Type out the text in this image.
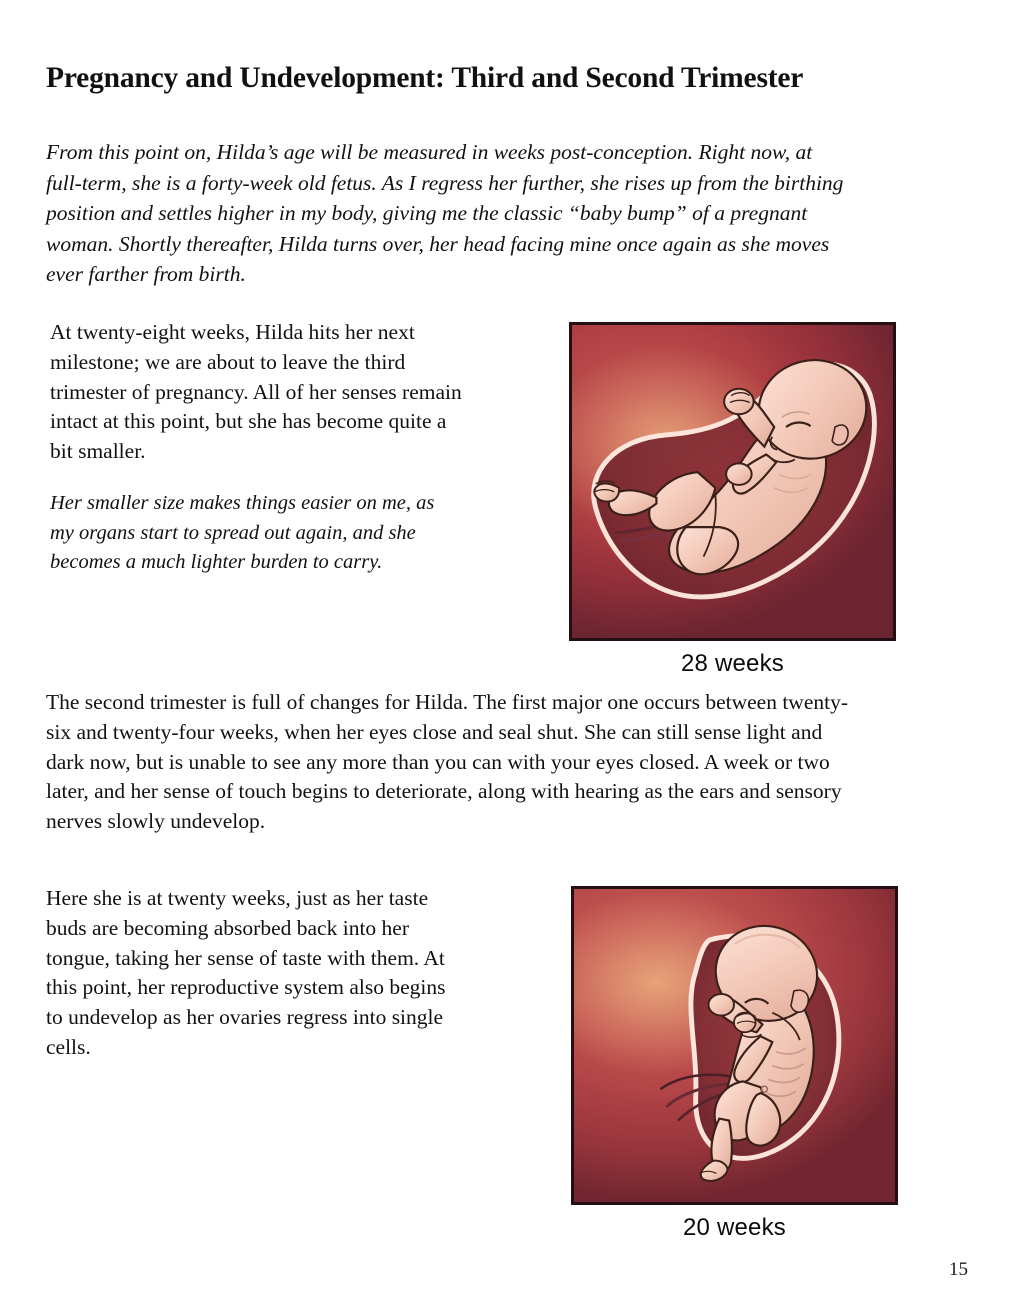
Pregnancy and Undevelopment: Third and Second Trimester
From this point on, Hilda’s age will be measured in weeks post-conception. Right now, at full-term, she is a forty-week old fetus. As I regress her further, she rises up from the birthing position and settles higher in my body, giving me the classic “baby bump” of a pregnant woman. Shortly thereafter, Hilda turns over, her head facing mine once again as she moves ever farther from birth.
At twenty-eight weeks, Hilda hits her next milestone; we are about to leave the third trimester of pregnancy. All of her senses remain intact at this point, but she has become quite a bit smaller.
Her smaller size makes things easier on me, as my organs start to spread out again, and she becomes a much lighter burden to carry.
The second trimester is full of changes for Hilda. The first major one occurs between twenty-six and twenty-four weeks, when her eyes close and seal shut. She can still sense light and dark now, but is unable to see any more than you can with your eyes closed. A week or two later, and her sense of touch begins to deteriorate, along with hearing as the ears and sensory nerves slowly undevelop.
Here she is at twenty weeks, just as her taste buds are becoming absorbed back into her tongue, taking her sense of taste with them. At this point, her reproductive system also begins to undevelop as her ovaries regress into single cells.
28 weeks
20 weeks
15
